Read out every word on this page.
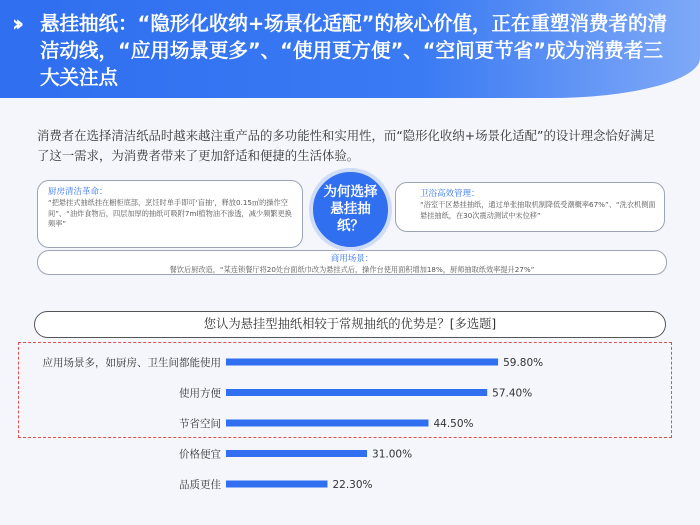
›› 悬挂抽纸：“隐形化收纳+场景化适配”的核心价值，正在重塑消费者的清洁动线，“应用场景更多”、“使用更方便”、“空间更节省”成为消费者三大关注点
消费者在选择清洁纸品时越来越注重产品的多功能性和实用性，而“隐形化收纳+场景化适配”的设计理念恰好满足了这一需求，为消费者带来了更加舒适和便捷的生活体验。
厨房清洁革命：
“把悬挂式抽纸挂在橱柜底部，烹饪时单手即可‘盲抽’，释放0.15㎡的操作空间”、“油炸食物后，四层加厚的抽纸可吸附7ml植物油不渗透，减少频繁更换频率”
卫浴高效管理：
“浴室干区悬挂抽纸，通过单张抽取机制降低受潮概率67%”、“洗衣机侧面悬挂抽纸，在30次震动测试中未位移”
商用场景：
餐饮后厨改造，“某连锁餐厅将20处台面纸巾改为悬挂式后，操作台使用面积增加18%，厨师抽取纸效率提升27%”
为何选择悬挂抽纸？
您认为悬挂型抽纸相较于常规抽纸的优势是？[多选题]
应用场景多，如厨房、卫生间都能使用	59.80%
使用方便	57.40%
节省空间	44.50%
价格便宜	31.00%
品质更佳	22.30%
